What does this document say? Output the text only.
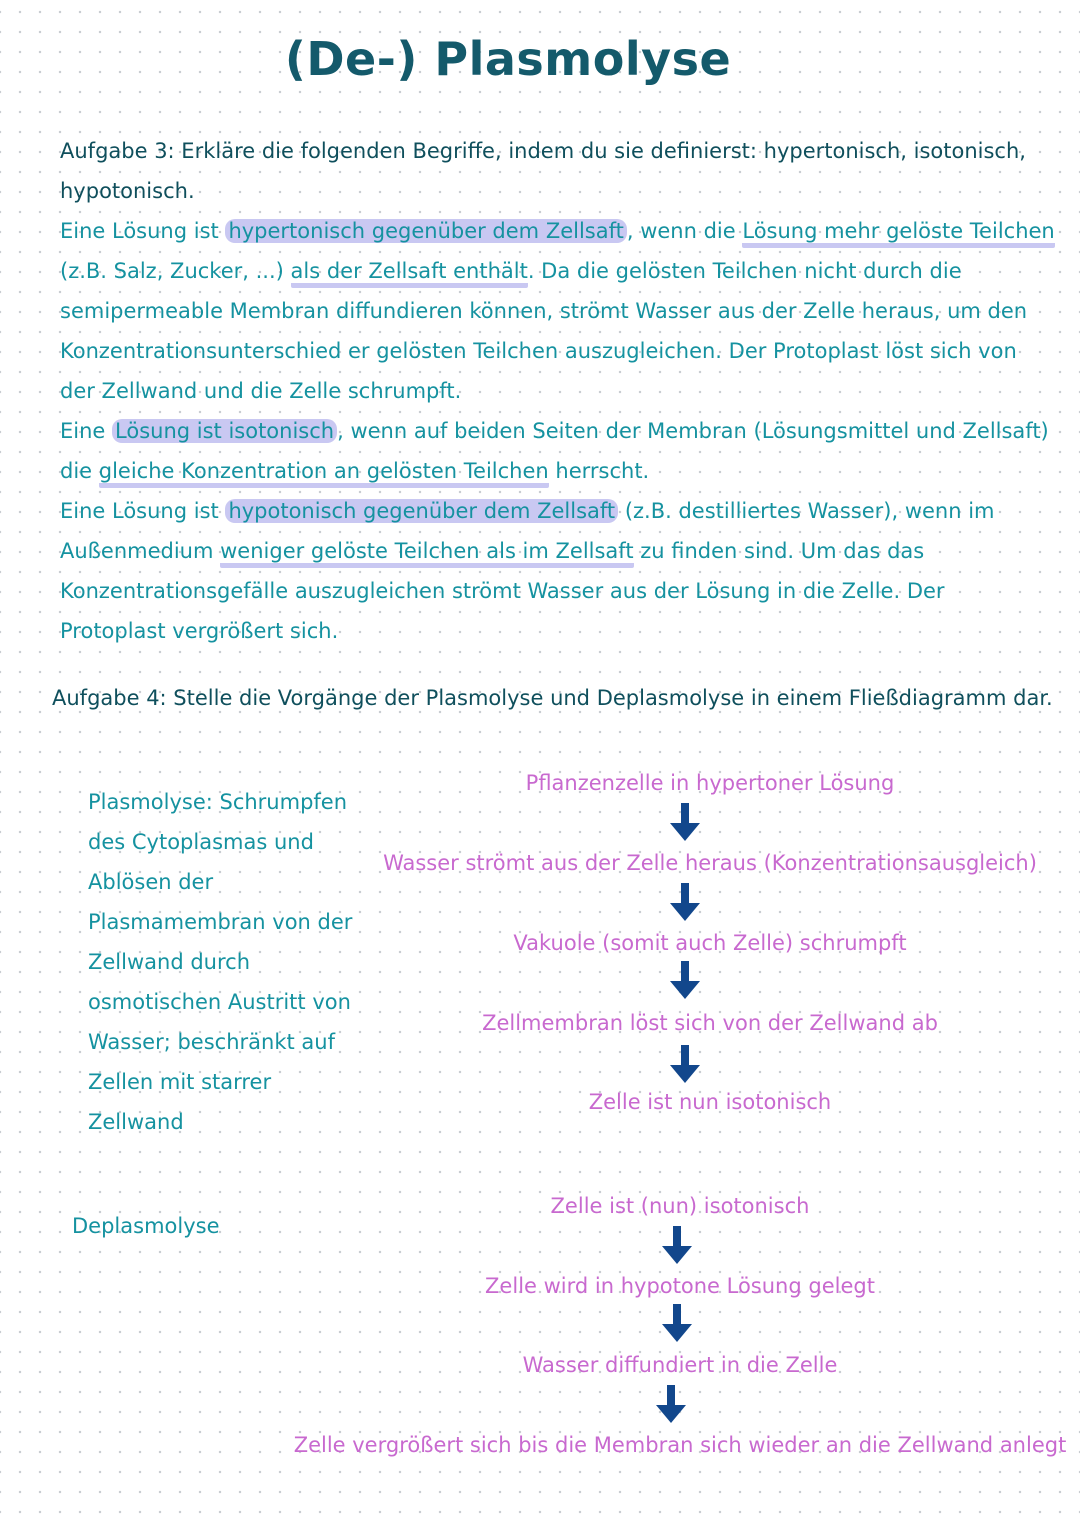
(De-) Plasmolyse
Aufgabe 3: Erkläre die folgenden Begriffe, indem du sie definierst: hypertonisch, isotonisch,
hypotonisch.
Eine Lösung ist hypertonisch gegenüber dem Zellsaft , wenn die Lösung mehr gelöste Teilchen
(z.B. Salz, Zucker, ...) als der Zellsaft enthält. Da die gelösten Teilchen nicht durch die
semipermeable Membran diffundieren können, strömt Wasser aus der Zelle heraus, um den
Konzentrationsunterschied er gelösten Teilchen auszugleichen. Der Protoplast löst sich von
der Zellwand und die Zelle schrumpft.
Eine Lösung ist isotonisch , wenn auf beiden Seiten der Membran (Lösungsmittel und Zellsaft)
die gleiche Konzentration an gelösten Teilchen herrscht.
Eine Lösung ist hypotonisch gegenüber dem Zellsaft (z.B. destilliertes Wasser), wenn im
Außenmedium weniger gelöste Teilchen als im Zellsaft zu finden sind. Um das das
Konzentrationsgefälle auszugleichen strömt Wasser aus der Lösung in die Zelle. Der
Protoplast vergrößert sich.
Aufgabe 4: Stelle die Vorgänge der Plasmolyse und Deplasmolyse in einem Fließdiagramm dar.
Plasmolyse: Schrumpfen
des Cytoplasmas und
Ablösen der
Plasmamembran von der
Zellwand durch
osmotischen Austritt von
Wasser; beschränkt auf
Zellen mit starrer
Zellwand
Pflanzenzelle in hypertoner Lösung
Wasser strömt aus der Zelle heraus (Konzentrationsausgleich)
Vakuole (somit auch Zelle) schrumpft
Zellmembran löst sich von der Zellwand ab
Zelle ist nun isotonisch
Deplasmolyse
Zelle ist (nun) isotonisch
Zelle wird in hypotone Lösung gelegt
Wasser diffundiert in die Zelle
Zelle vergrößert sich bis die Membran sich wieder an die Zellwand anlegt
